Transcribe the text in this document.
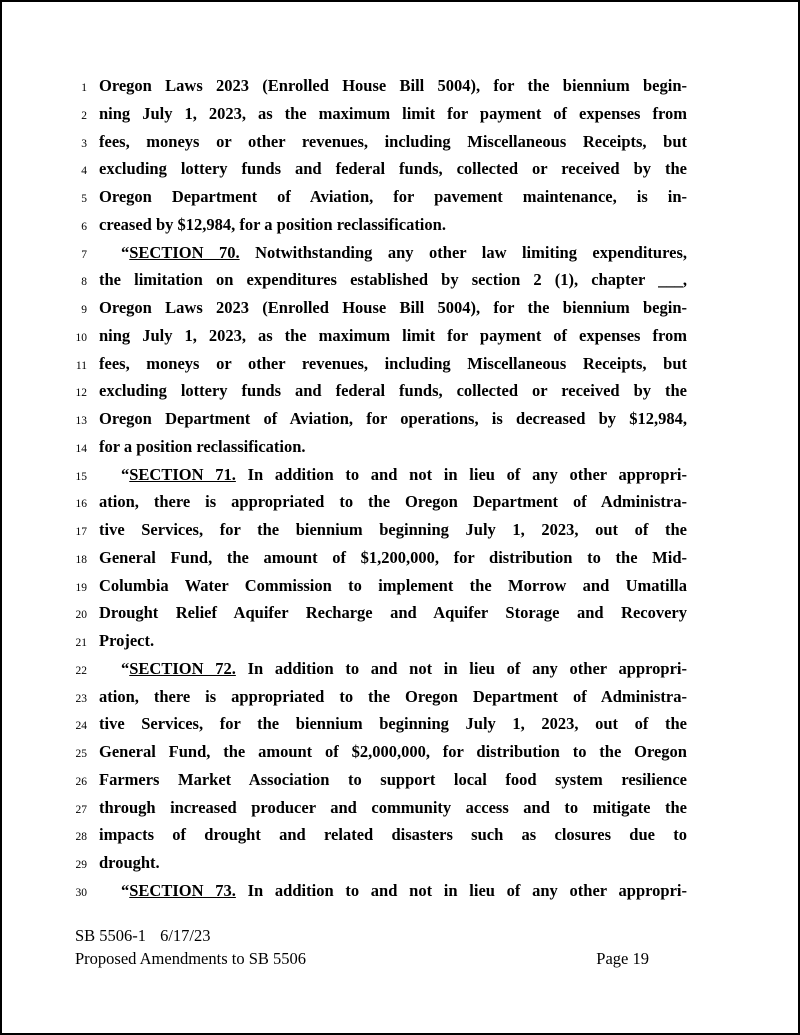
1 Oregon Laws 2023 (Enrolled House Bill 5004), for the biennium begin-
2 ning July 1, 2023, as the maximum limit for payment of expenses from
3 fees, moneys or other revenues, including Miscellaneous Receipts, but
4 excluding lottery funds and federal funds, collected or received by the
5 Oregon Department of Aviation, for pavement maintenance, is in-
6 creased by $12,984, for a position reclassification.
7	“SECTION 70. Notwithstanding any other law limiting expenditures,
8 the limitation on expenditures established by section 2 (1), chapter ___,
9 Oregon Laws 2023 (Enrolled House Bill 5004), for the biennium begin-
10 ning July 1, 2023, as the maximum limit for payment of expenses from
11 fees, moneys or other revenues, including Miscellaneous Receipts, but
12 excluding lottery funds and federal funds, collected or received by the
13 Oregon Department of Aviation, for operations, is decreased by $12,984,
14 for a position reclassification.
15	“SECTION 71. In addition to and not in lieu of any other appropri-
16 ation, there is appropriated to the Oregon Department of Administra-
17 tive Services, for the biennium beginning July 1, 2023, out of the
18 General Fund, the amount of $1,200,000, for distribution to the Mid-
19 Columbia Water Commission to implement the Morrow and Umatilla
20 Drought Relief Aquifer Recharge and Aquifer Storage and Recovery
21 Project.
22	“SECTION 72. In addition to and not in lieu of any other appropri-
23 ation, there is appropriated to the Oregon Department of Administra-
24 tive Services, for the biennium beginning July 1, 2023, out of the
25 General Fund, the amount of $2,000,000, for distribution to the Oregon
26 Farmers Market Association to support local food system resilience
27 through increased producer and community access and to mitigate the
28 impacts of drought and related disasters such as closures due to
29 drought.
30	“SECTION 73. In addition to and not in lieu of any other appropri-
SB 5506-1 6/17/23
Proposed Amendments to SB 5506	Page 19
